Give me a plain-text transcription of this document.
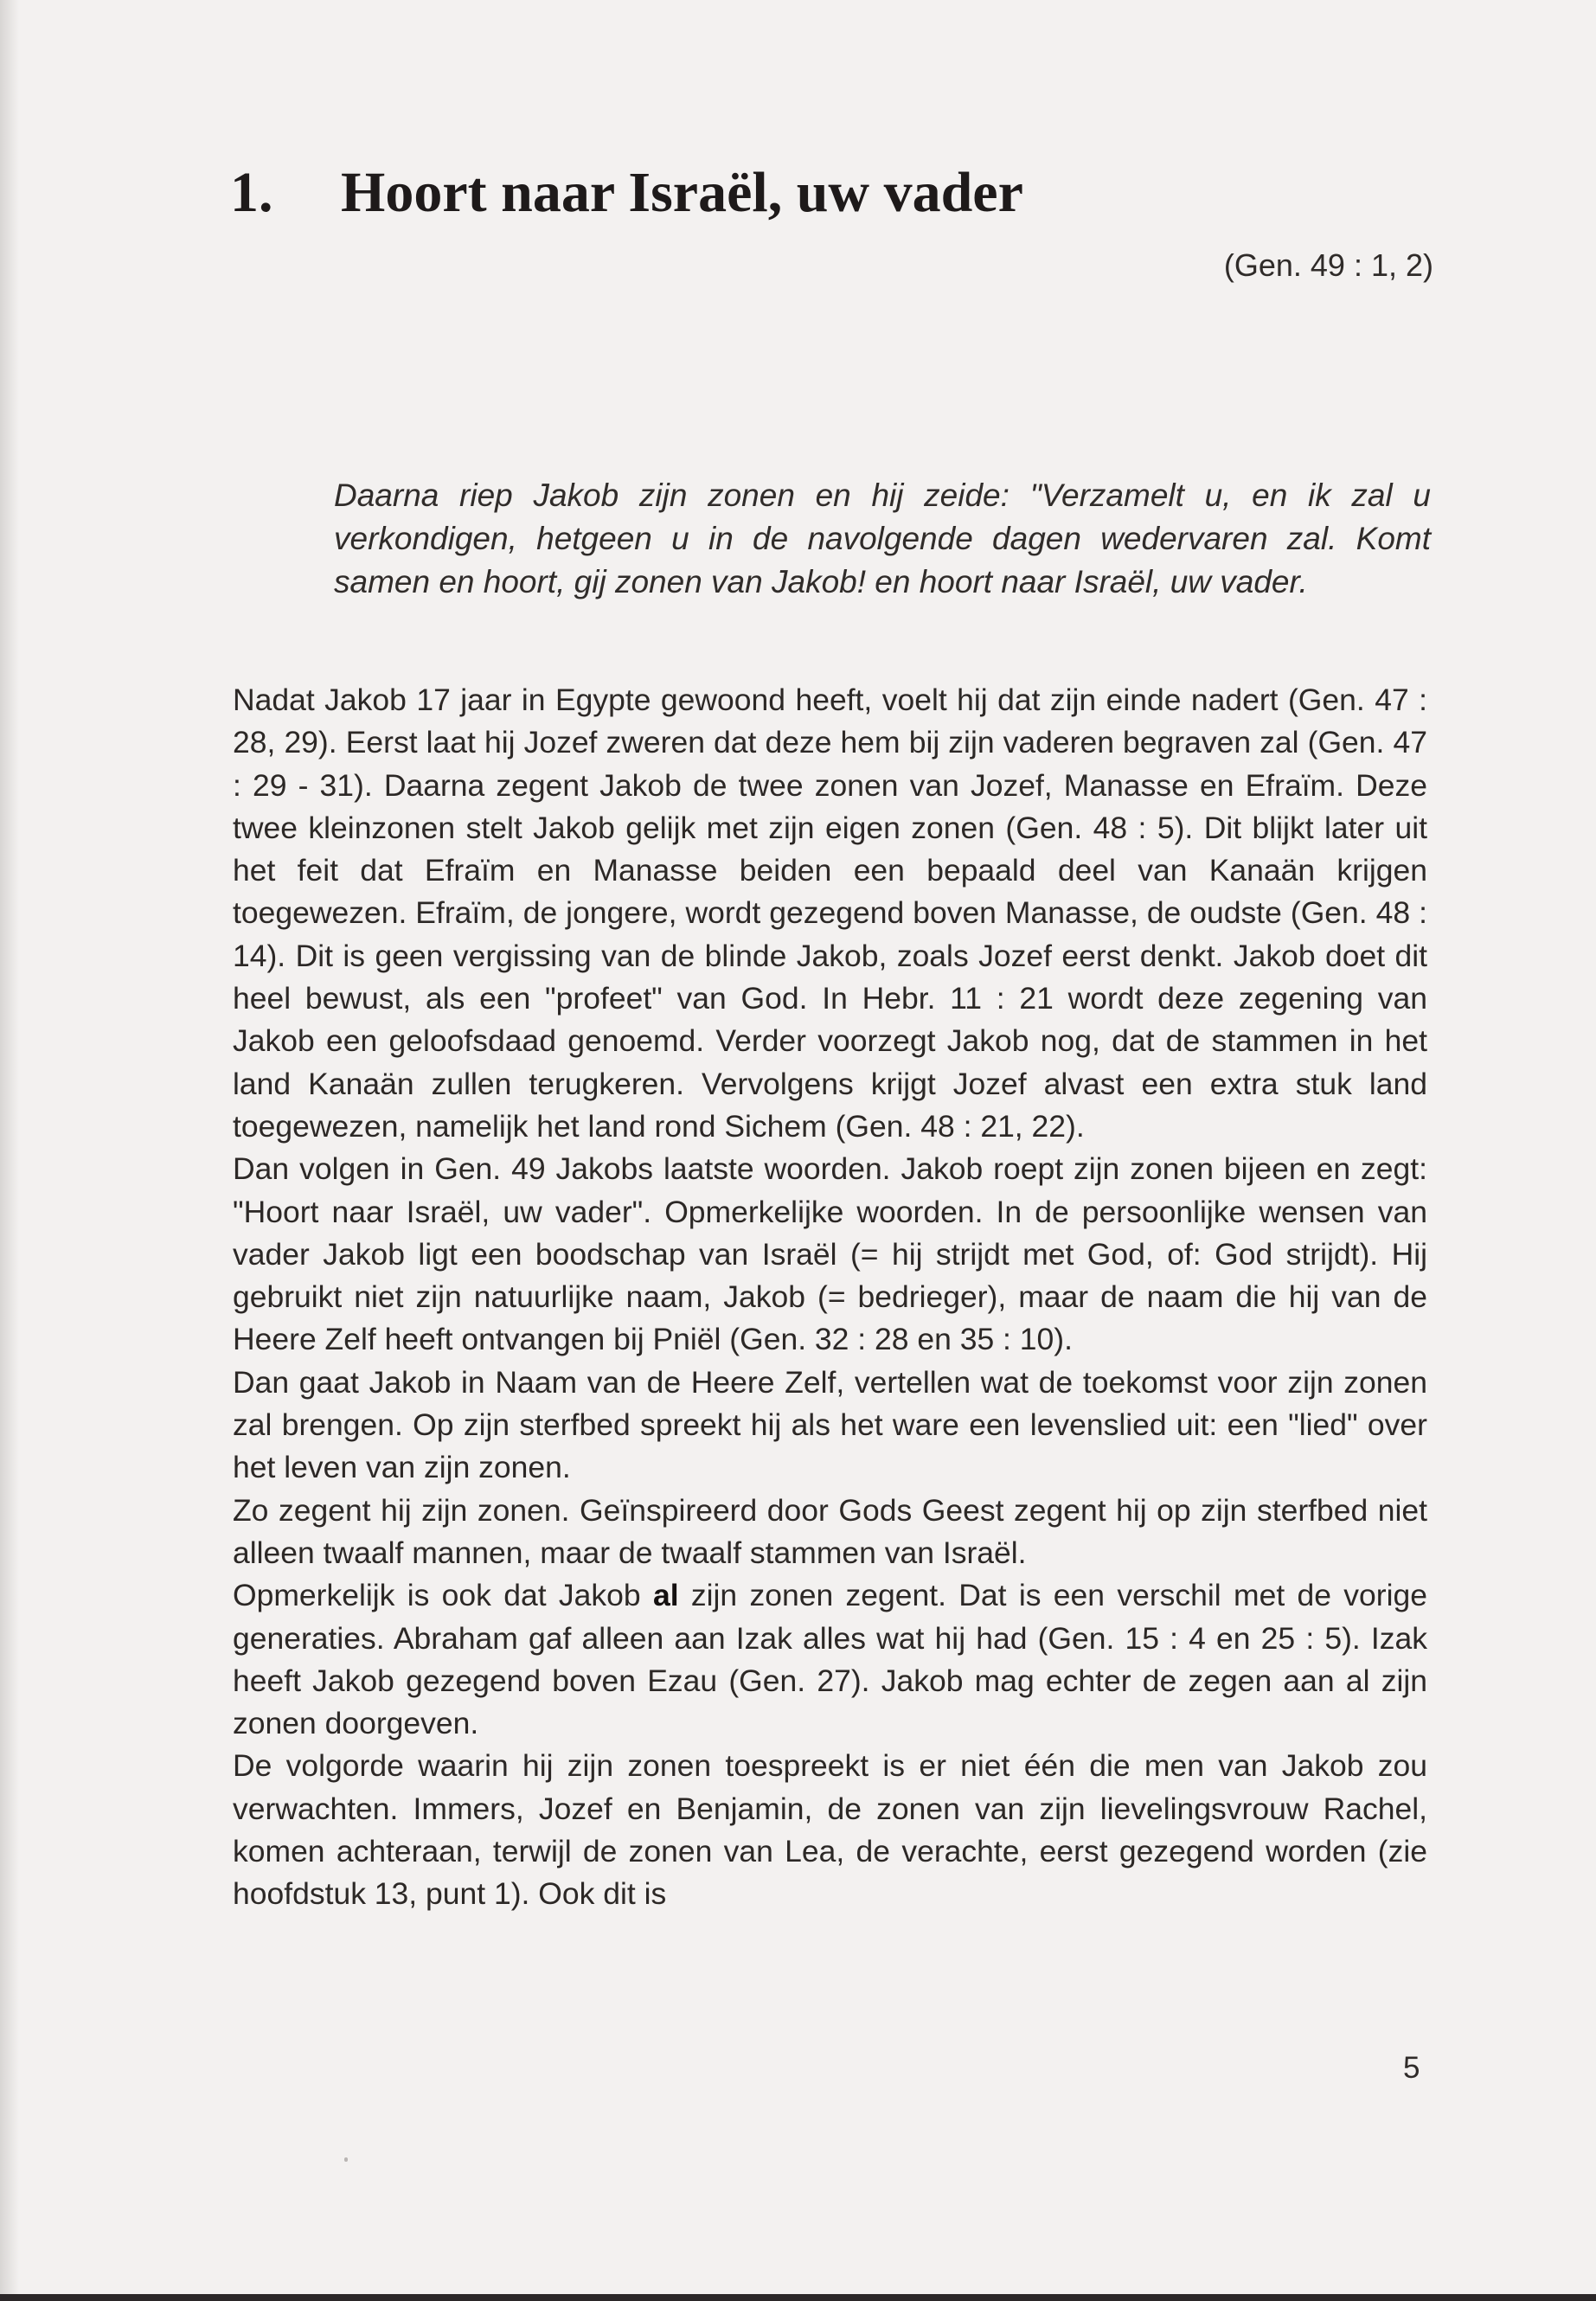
1. Hoort naar Israël, uw vader
(Gen. 49 : 1, 2)
Daarna riep Jakob zijn zonen en hij zeide: "Verzamelt u, en ik zal u verkondigen, hetgeen u in de navolgende dagen wedervaren zal. Komt samen en hoort, gij zonen van Jakob! en hoort naar Israël, uw vader.

Nadat Jakob 17 jaar in Egypte gewoond heeft, voelt hij dat zijn einde nadert (Gen. 47 : 28, 29). Eerst laat hij Jozef zweren dat deze hem bij zijn vaderen begraven zal (Gen. 47 : 29 - 31). Daarna zegent Jakob de twee zonen van Jozef, Manasse en Efraïm. Deze twee kleinzonen stelt Jakob gelijk met zijn eigen zonen (Gen. 48 : 5). Dit blijkt later uit het feit dat Efraïm en Manasse beiden een bepaald deel van Kanaän krijgen toegewezen. Efraïm, de jongere, wordt gezegend boven Manasse, de oudste (Gen. 48 : 14). Dit is geen vergissing van de blinde Jakob, zoals Jozef eerst denkt. Jakob doet dit heel bewust, als een "profeet" van God. In Hebr. 11 : 21 wordt deze zegening van Jakob een geloofsdaad genoemd. Verder voorzegt Jakob nog, dat de stammen in het land Kanaän zullen terugkeren. Vervolgens krijgt Jozef alvast een extra stuk land toegewezen, namelijk het land rond Sichem (Gen. 48 : 21, 22).

Dan volgen in Gen. 49 Jakobs laatste woorden. Jakob roept zijn zonen bijeen en zegt: "Hoort naar Israël, uw vader". Opmerkelijke woorden. In de persoonlijke wensen van vader Jakob ligt een boodschap van Israël (= hij strijdt met God, of: God strijdt). Hij gebruikt niet zijn natuurlijke naam, Jakob (= bedrieger), maar de naam die hij van de Heere Zelf heeft ontvangen bij Pniël (Gen. 32 : 28 en 35 : 10).

Dan gaat Jakob in Naam van de Heere Zelf, vertellen wat de toekomst voor zijn zonen zal brengen. Op zijn sterfbed spreekt hij als het ware een levenslied uit: een "lied" over het leven van zijn zonen.

Zo zegent hij zijn zonen. Geïnspireerd door Gods Geest zegent hij op zijn sterfbed niet alleen twaalf mannen, maar de twaalf stammen van Israël.

Opmerkelijk is ook dat Jakob al zijn zonen zegent. Dat is een verschil met de vorige generaties. Abraham gaf alleen aan Izak alles wat hij had (Gen. 15 : 4 en 25 : 5). Izak heeft Jakob gezegend boven Ezau (Gen. 27). Jakob mag echter de zegen aan al zijn zonen doorgeven.

De volgorde waarin hij zijn zonen toespreekt is er niet één die men van Jakob zou verwachten. Immers, Jozef en Benjamin, de zonen van zijn lievelingsvrouw Rachel, komen achteraan, terwijl de zonen van Lea, de verachte, eerst gezegend worden (zie hoofdstuk 13, punt 1). Ook dit is

5
